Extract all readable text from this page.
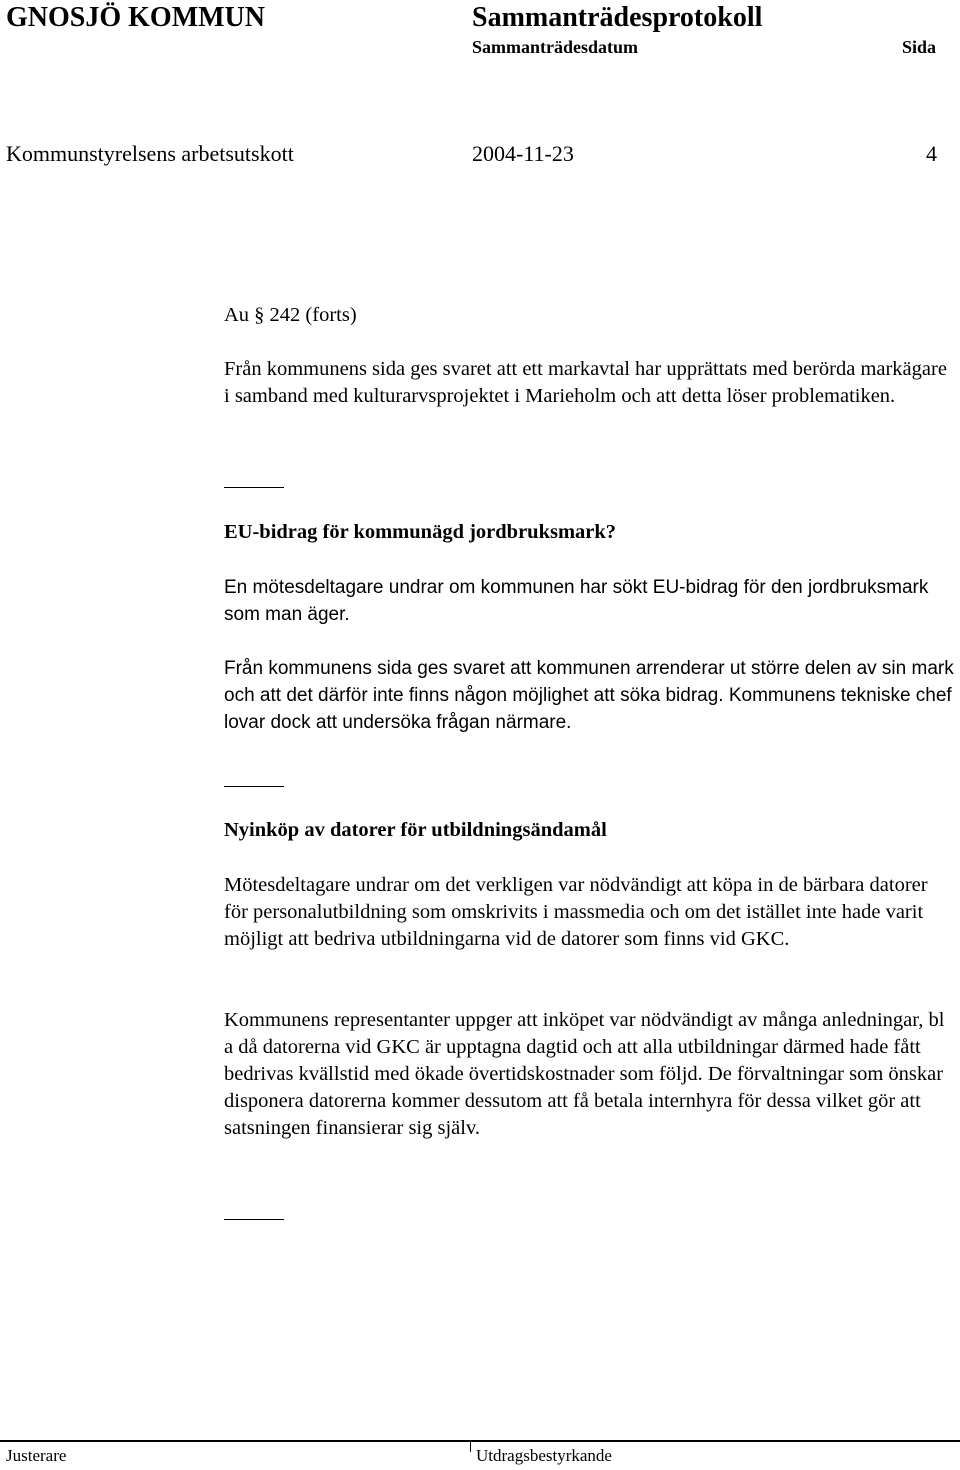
GNOSJÖ KOMMUN	Sammanträdesprotokoll
Sammanträdesdatum	Sida
Kommunstyrelsens arbetsutskott	2004-11-23	4

Au § 242 (forts)

Från kommunens sida ges svaret att ett markavtal har upprättats med berörda markägare i samband med kulturarvsprojektet i Marieholm och att detta löser problematiken.

EU-bidrag för kommunägd jordbruksmark?

En mötesdeltagare undrar om kommunen har sökt EU-bidrag för den jordbruksmark som man äger.

Från kommunens sida ges svaret att kommunen arrenderar ut större delen av sin mark och att det därför inte finns någon möjlighet att söka bidrag. Kommunens tekniske chef lovar dock att undersöka frågan närmare.

Nyinköp av datorer för utbildningsändamål

Mötesdeltagare undrar om det verkligen var nödvändigt att köpa in de bärbara datorer för personalutbildning som omskrivits i massmedia och om det istället inte hade varit möjligt att bedriva utbildningarna vid de datorer som finns vid GKC.

Kommunens representanter uppger att inköpet var nödvändigt av många anledningar, bl a då datorerna vid GKC är upptagna dagtid och att alla utbildningar därmed hade fått bedrivas kvällstid med ökade övertidskostnader som följd. De förvaltningar som önskar disponera datorerna kommer dessutom att få betala internhyra för dessa vilket gör att satsningen finansierar sig själv.

Justerare	Utdragsbestyrkande
